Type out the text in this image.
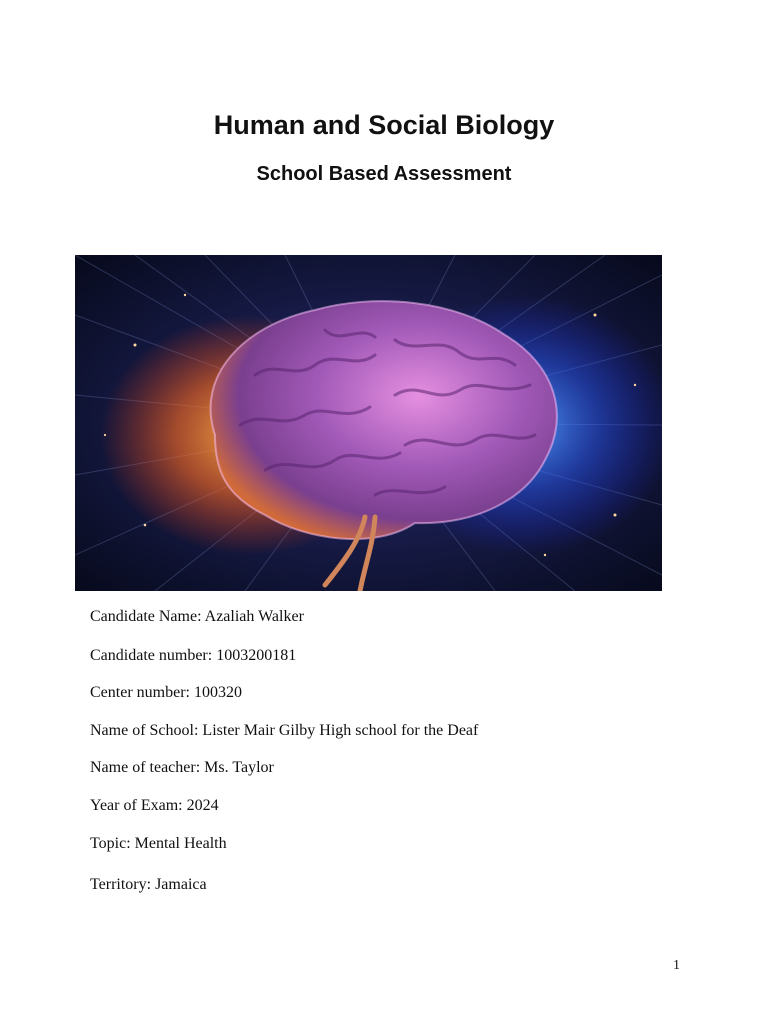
Human and Social Biology
School Based Assessment

Candidate Name: Azaliah Walker

Candidate number: 1003200181

Center number: 100320

Name of School: Lister Mair Gilby High school for the Deaf

Name of teacher: Ms. Taylor

Year of Exam: 2024

Topic: Mental Health

Territory: Jamaica

1
